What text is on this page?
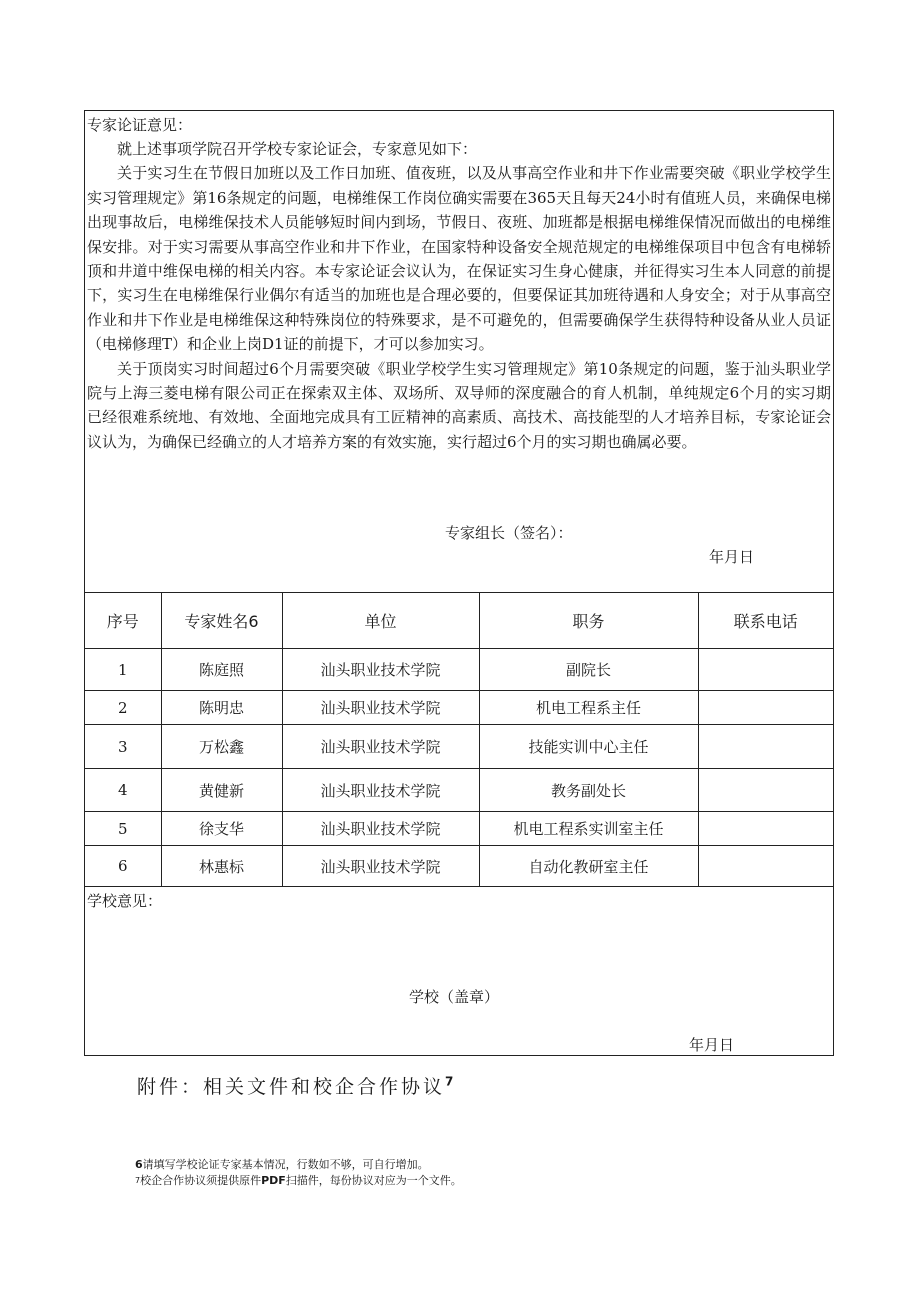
专家论证意见：

就上述事项学院召开学校专家论证会，专家意见如下：

关于实习生在节假日加班以及工作日加班、值夜班，以及从事高空作业和井下作业需要突破《职业学校学生实习管理规定》第16条规定的问题，电梯维保工作岗位确实需要在365天且每天24小时有值班人员，来确保电梯出现事故后，电梯维保技术人员能够短时间内到场，节假日、夜班、加班都是根据电梯维保情况而做出的电梯维保安排。对于实习需要从事高空作业和井下作业，在国家特种设备安全规范规定的电梯维保项目中包含有电梯轿顶和井道中维保电梯的相关内容。本专家论证会议认为，在保证实习生身心健康，并征得实习生本人同意的前提下，实习生在电梯维保行业偶尔有适当的加班也是合理必要的，但要保证其加班待遇和人身安全；对于从事高空作业和井下作业是电梯维保这种特殊岗位的特殊要求，是不可避免的，但需要确保学生获得特种设备从业人员证（电梯修理T）和企业上岗D1证的前提下，才可以参加实习。

关于顶岗实习时间超过6个月需要突破《职业学校学生实习管理规定》第10条规定的问题，鉴于汕头职业学院与上海三菱电梯有限公司正在探索双主体、双场所、双导师的深度融合的育人机制，单纯规定6个月的实习期已经很难系统地、有效地、全面地完成具有工匠精神的高素质、高技术、高技能型的人才培养目标，专家论证会议认为，为确保已经确立的人才培养方案的有效实施，实行超过6个月的实习期也确属必要。

专家组长（签名）：
年月日
序号	专家姓名6	单位	职务	联系电话
1	陈庭照	汕头职业技术学院	副院长	
2	陈明忠	汕头职业技术学院	机电工程系主任	
3	万松鑫	汕头职业技术学院	技能实训中心主任	
4	黄健新	汕头职业技术学院	教务副处长	
5	徐支华	汕头职业技术学院	机电工程系实训室主任	
6	林惠标	汕头职业技术学院	自动化教研室主任	
学校意见：
学校（盖章）
年月日
附件：相关文件和校企合作协议$^7$
6请填写学校论证专家基本情况，行数如不够，可自行增加。
$^7$校企合作协议须提供原件PDF扫描件，每份协议对应为一个文件。
